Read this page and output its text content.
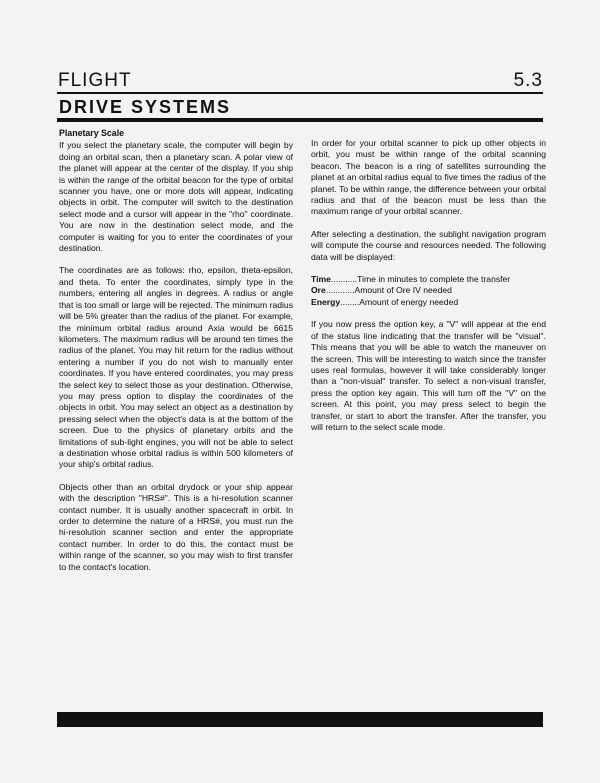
FLIGHT	5.3
DRIVE SYSTEMS
Planetary Scale

If you select the planetary scale, the computer will begin by doing an orbital scan, then a planetary scan. A polar view of the planet will appear at the center of the display. If you ship is within the range of the orbital beacon for the type of orbital scanner you have, one or more dots will appear, indicating objects in orbit. The computer will switch to the destination select mode and a cursor will appear in the "rho" coordinate. You are now in the destination select mode, and the computer is waiting for you to enter the coordinates of your destination.

The coordinates are as follows: rho, epsilon, theta-epsilon, and theta. To enter the coordinates, simply type in the numbers, entering all angles in degrees. A radius or angle that is too small or large will be rejected. The minimum radius will be 5% greater than the radius of the planet. For example, the minimum orbital radius around Axia would be 6615 kilometers. The maximum radius will be around ten times the radius of the planet. You may hit return for the radius without entering a number if you do not wish to manually enter coordinates. If you have entered coordinates, you may press the select key to select those as your destination. Otherwise, you may press option to display the coordinates of the objects in orbit. You may select an object as a destination by pressing select when the object's data is at the bottom of the screen. Due to the physics of planetary orbits and the limitations of sub-light engines, you will not be able to select a destination whose orbital radius is within 500 kilometers of your ship's orbital radius.

Objects other than an orbital drydock or your ship appear with the description "HRS#". This is a hi-resolution scanner contact number. It is usually another spacecraft in orbit. In order to determine the nature of a HRS#, you must run the hi-resolution scanner section and enter the appropriate contact number. In order to do this, the contact must be within range of the scanner, so you may wish to first transfer to the contact's location.

In order for your orbital scanner to pick up other objects in orbit, you must be within range of the orbital scanning beacon. The beacon is a ring of satellites surrounding the planet at an orbital radius equal to five times the radius of the planet. To be within range, the difference between your orbital radius and that of the beacon must be less than the maximum range of your orbital scanner.

After selecting a destination, the sublight navigation program will compute the course and resources needed. The following data will be displayed:

Time ........... Time in minutes to complete the transfer
Ore ............ Amount of Ore IV needed
Energy ........ Amount of energy needed

If you now press the option key, a "V" will appear at the end of the status line indicating that the transfer will be "visual". This means that you will be able to watch the maneuver on the screen. This will be interesting to watch since the transfer uses real formulas, however it will take considerably longer than a "non-visual" transfer. To select a non-visual transfer, press the option key again. This will turn off the "V" on the screen. At this point, you may press select to begin the transfer, or start to abort the transfer. After the transfer, you will return to the select scale mode.
